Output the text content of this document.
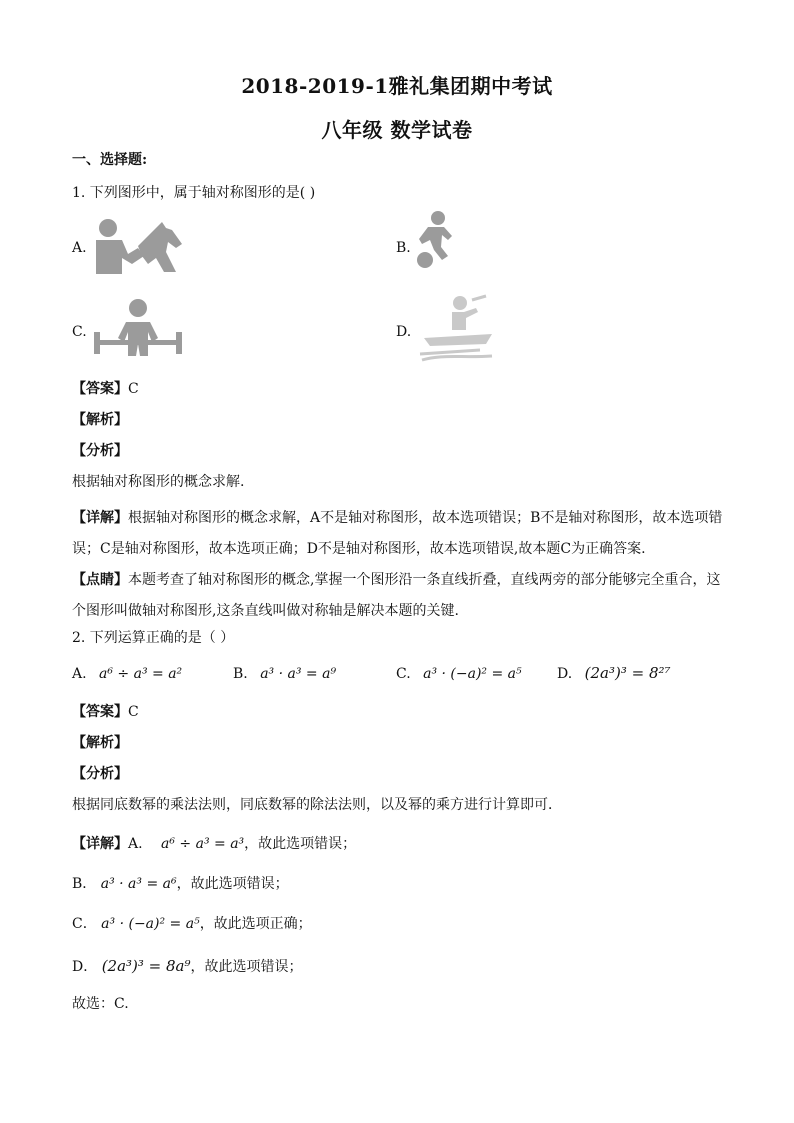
2018-2019-1雅礼集团期中考试
八年级 数学试卷
一、选择题:
1. 下列图形中，属于轴对称图形的是( )
A.	B.
C.	D.
【答案】C
【解析】
【分析】
根据轴对称图形的概念求解.
【详解】根据轴对称图形的概念求解，A不是轴对称图形，故本选项错误；B不是轴对称图形，故本选项错误；C是轴对称图形，故本选项正确；D不是轴对称图形，故本选项错误,故本题C为正确答案.
【点睛】本题考查了轴对称图形的概念,掌握一个图形沿一条直线折叠，直线两旁的部分能够完全重合，这个图形叫做轴对称图形,这条直线叫做对称轴是解决本题的关键.
2. 下列运算正确的是（ ）
A. a⁶ ÷ a³ = a²	B. a³ · a³ = a⁹	C. a³ · (−a)² = a⁵	D. (2a³)³ = 8²⁷
【答案】C
【解析】
【分析】
根据同底数幂的乘法法则，同底数幂的除法法则，以及幂的乘方进行计算即可．
【详解】A. a⁶ ÷ a³ = a³，故此选项错误；
B． a³ · a³ = a⁶，故此选项错误；
C． a³ · (−a)² = a⁵，故此选项正确；
D． (2a³)³ = 8a⁹，故此选项错误；
故选：C.
